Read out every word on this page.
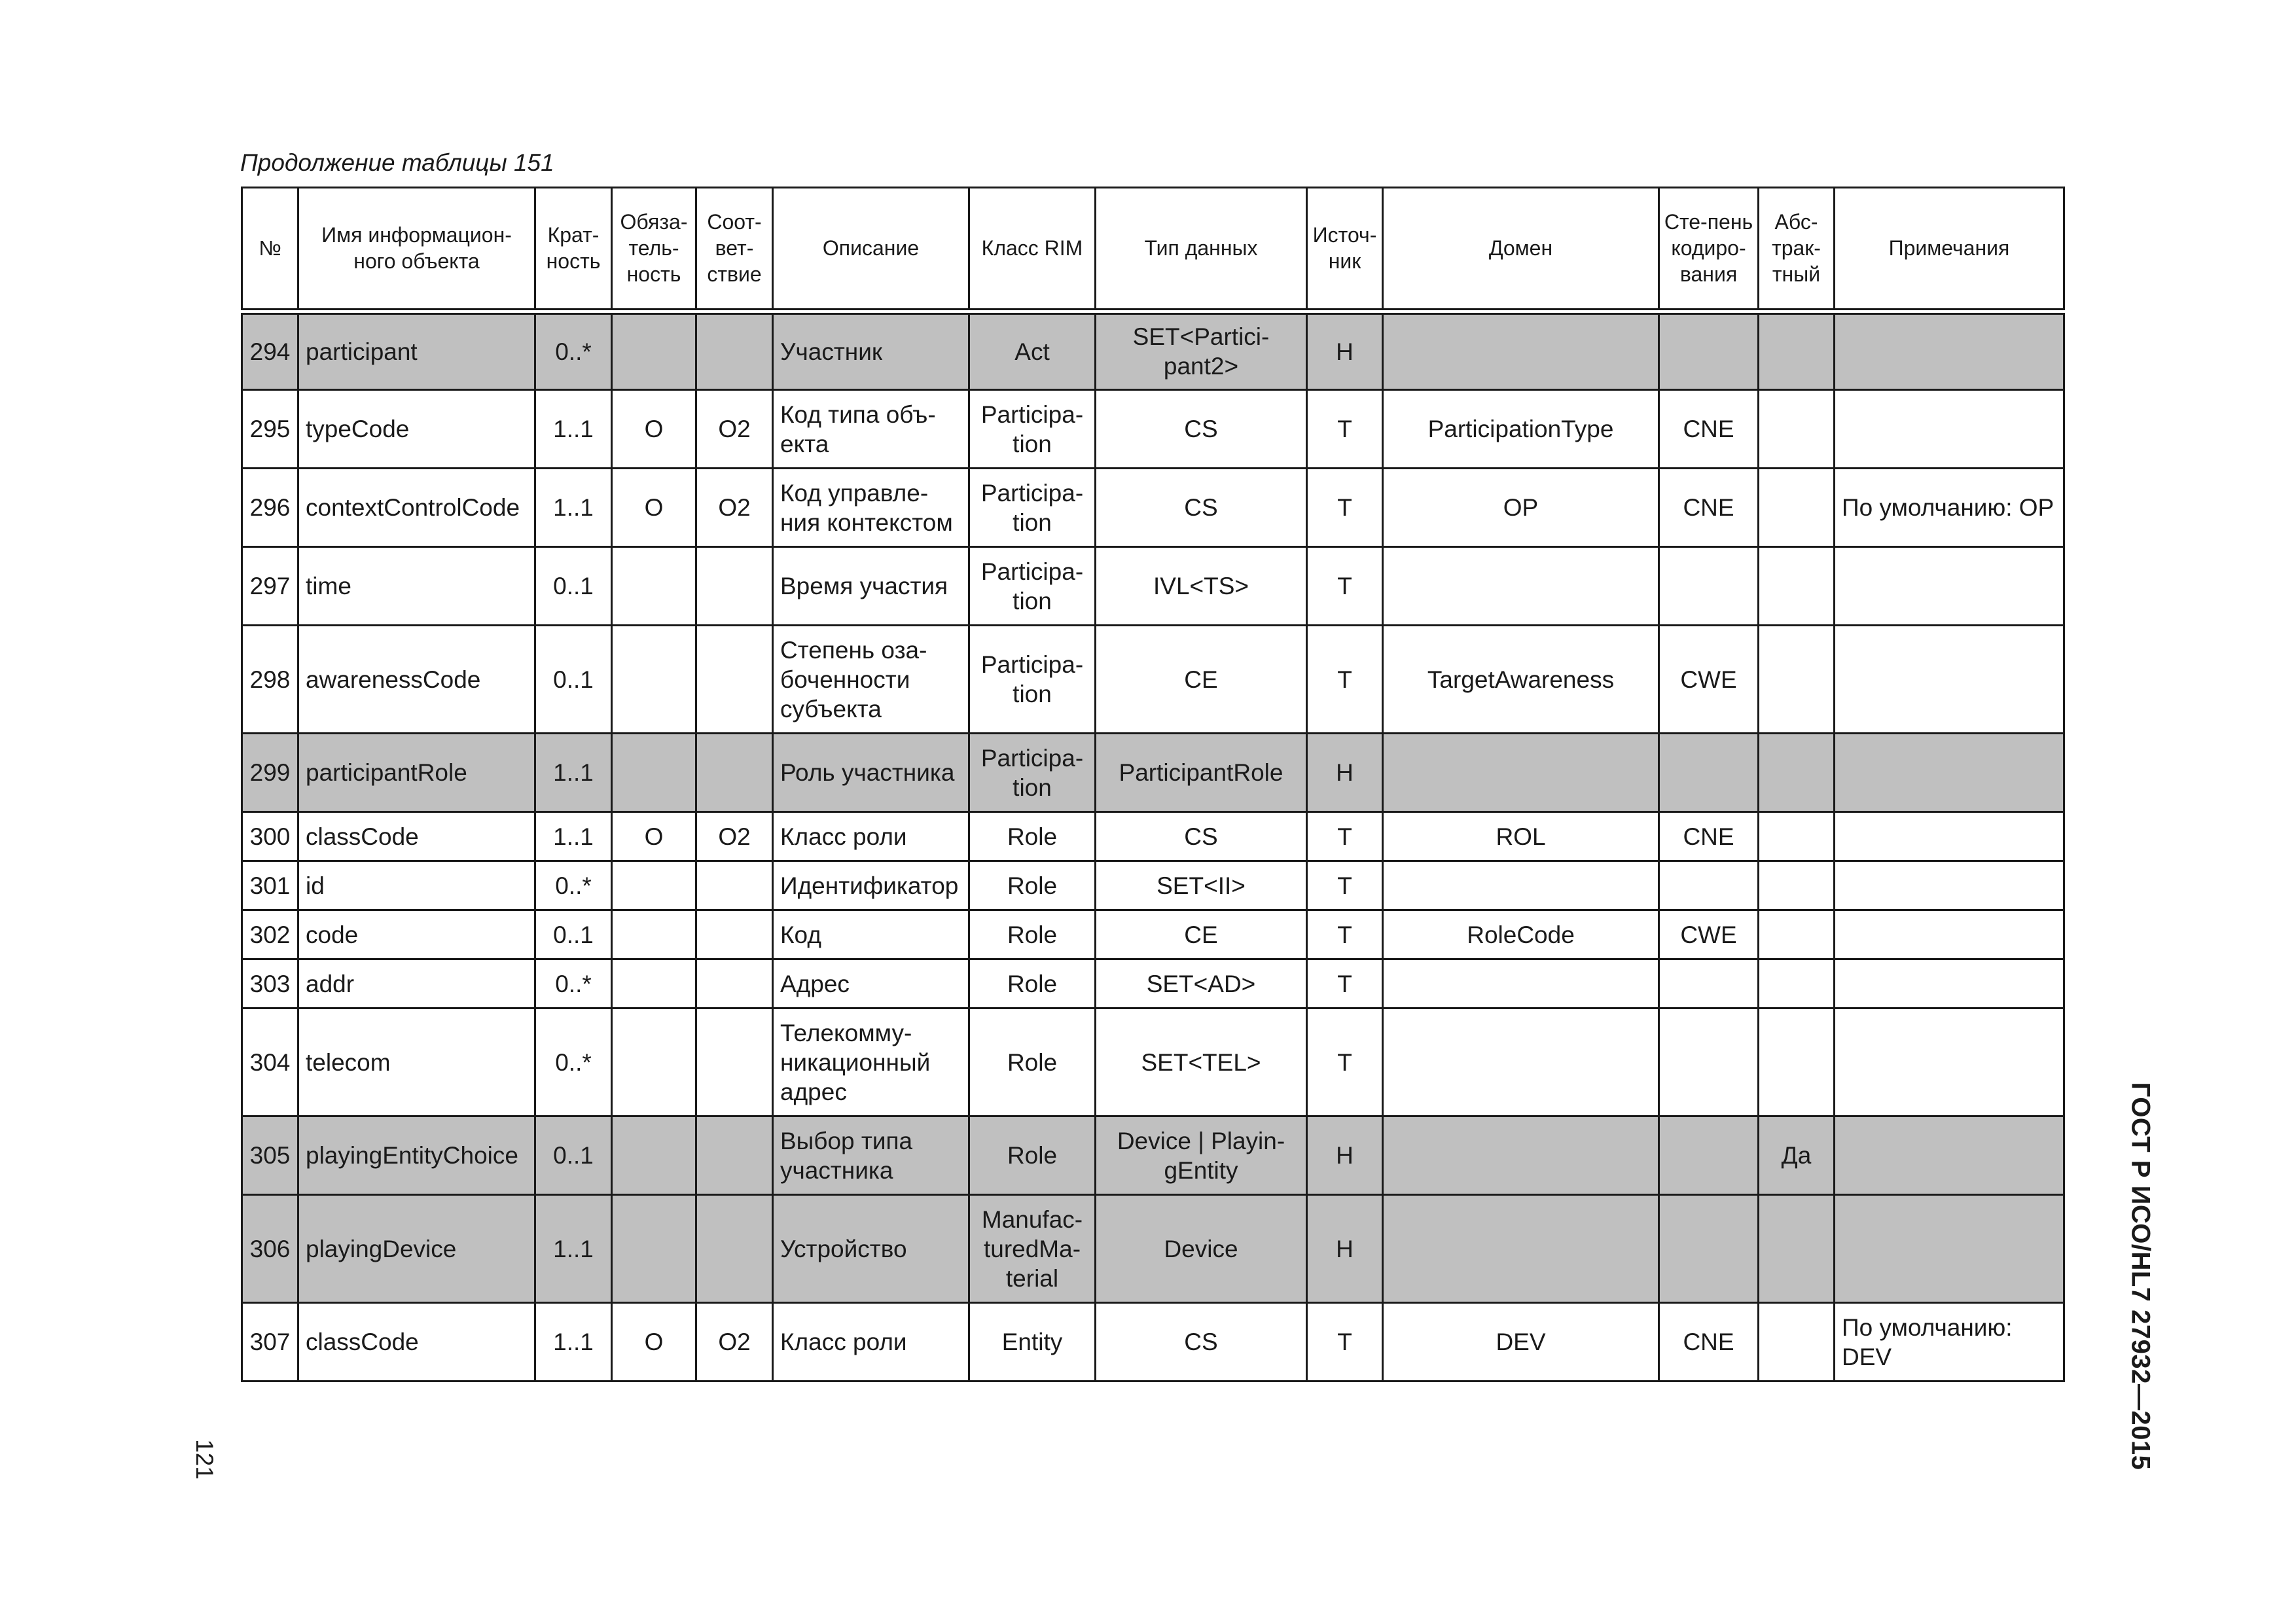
Продолжение таблицы 151
№	Имя информацион-ного объекта	Крат-ность	Обяза-тель-ность	Соот-вет-ствие	Описание	Класс RIM	Тип данных	Источ-ник	Домен	Сте-пень кодиро-вания	Абс-трак-тный	Примечания
294	participant	0..*			Участник	Act	SET<Partici-pant2>	H				
295	typeCode	1..1	O	O2	Код типа объ-екта	Participa-tion	CS	T	ParticipationType	CNE		
296	contextControlCode	1..1	O	O2	Код управле-ния контекстом	Participa-tion	CS	T	OP	CNE		По умолчанию: OP
297	time	0..1			Время участия	Participa-tion	IVL<TS>	T				
298	awarenessCode	0..1			Степень оза-боченности субъекта	Participa-tion	CE	T	TargetAwareness	CWE		
299	participantRole	1..1			Роль участника	Participa-tion	ParticipantRole	H				
300	classCode	1..1	O	O2	Класс роли	Role	CS	T	ROL	CNE		
301	id	0..*			Идентификатор	Role	SET<II>	T				
302	code	0..1			Код	Role	CE	T	RoleCode	CWE		
303	addr	0..*			Адрес	Role	SET<AD>	T				
304	telecom	0..*			Телекомму-никационный адрес	Role	SET<TEL>	T				
305	playingEntityChoice	0..1			Выбор типа участника	Role	Device | Playin-gEntity	H			Да	
306	playingDevice	1..1			Устройство	Manufac-turedMa-terial	Device	H				
307	classCode	1..1	O	O2	Класс роли	Entity	CS	T	DEV	CNE		По умолчанию: DEV	ГОСТ Р ИСО/HL7 27932—2015
121
